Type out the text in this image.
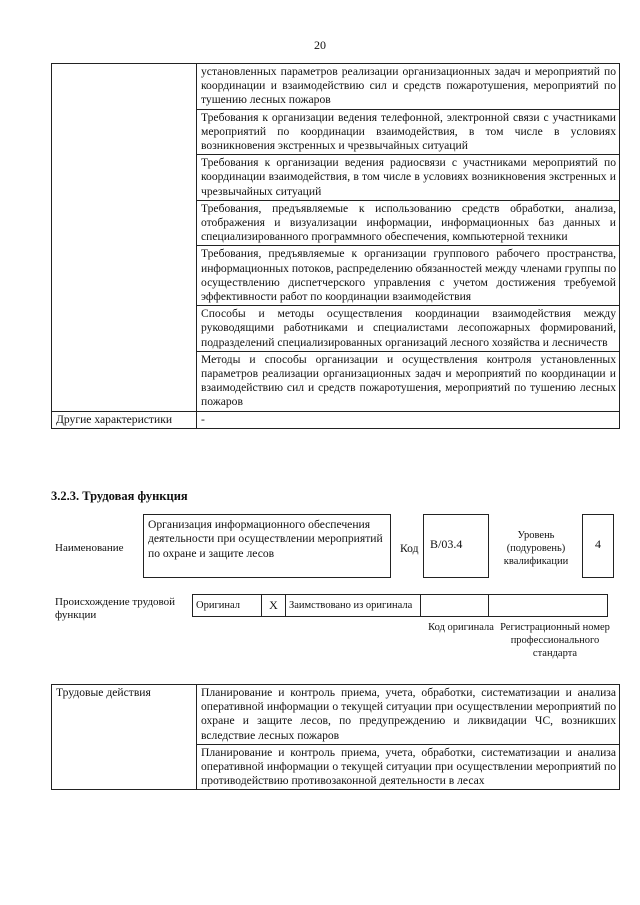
20
	установленных параметров реализации организационных задач и мероприятий по координации и взаимодействию сил и средств пожаротушения, мероприятий по тушению лесных пожаров
	Требования к организации ведения телефонной, электронной связи с участниками мероприятий по координации взаимодействия, в том числе в условиях возникновения экстренных и чрезвычайных ситуаций
	Требования к организации ведения радиосвязи с участниками мероприятий по координации взаимодействия, в том числе в условиях возникновения экстренных и чрезвычайных ситуаций
	Требования, предъявляемые к использованию средств обработки, анализа, отображения и визуализации информации, информационных баз данных и специализированного программного обеспечения, компьютерной техники
	Требования, предъявляемые к организации группового рабочего пространства, информационных потоков, распределению обязанностей между членами группы по осуществлению диспетчерского управления с учетом достижения требуемой эффективности работ по координации взаимодействия
	Способы и методы осуществления координации взаимодействия между руководящими работниками и специалистами лесопожарных формирований, подразделений специализированных организаций лесного хозяйства и лесничеств
	Методы и способы организации и осуществления контроля установленных параметров реализации организационных задач и мероприятий по координации и взаимодействию сил и средств пожаротушения, мероприятий по тушению лесных пожаров
Другие характеристики	-
3.2.3. Трудовая функция
Наименование
Организация информационного обеспечения деятельности при осуществлении мероприятий по охране и защите лесов	Код B/03.4
Уровень (подуровень) квалификации
4
Происхождение трудовой функции
Оригинал	X	Заимствовано из оригинала		
Код оригинала Регистрационный номер профессионального стандарта
Трудовые действия	Планирование и контроль приема, учета, обработки, систематизации и анализа оперативной информации о текущей ситуации при осуществлении мероприятий по охране и защите лесов, по предупреждению и ликвидации ЧС, возникших вследствие лесных пожаров
Планирование и контроль приема, учета, обработки, систематизации и анализа оперативной информации о текущей ситуации при осуществлении мероприятий по противодействию противозаконной деятельности в лесах
